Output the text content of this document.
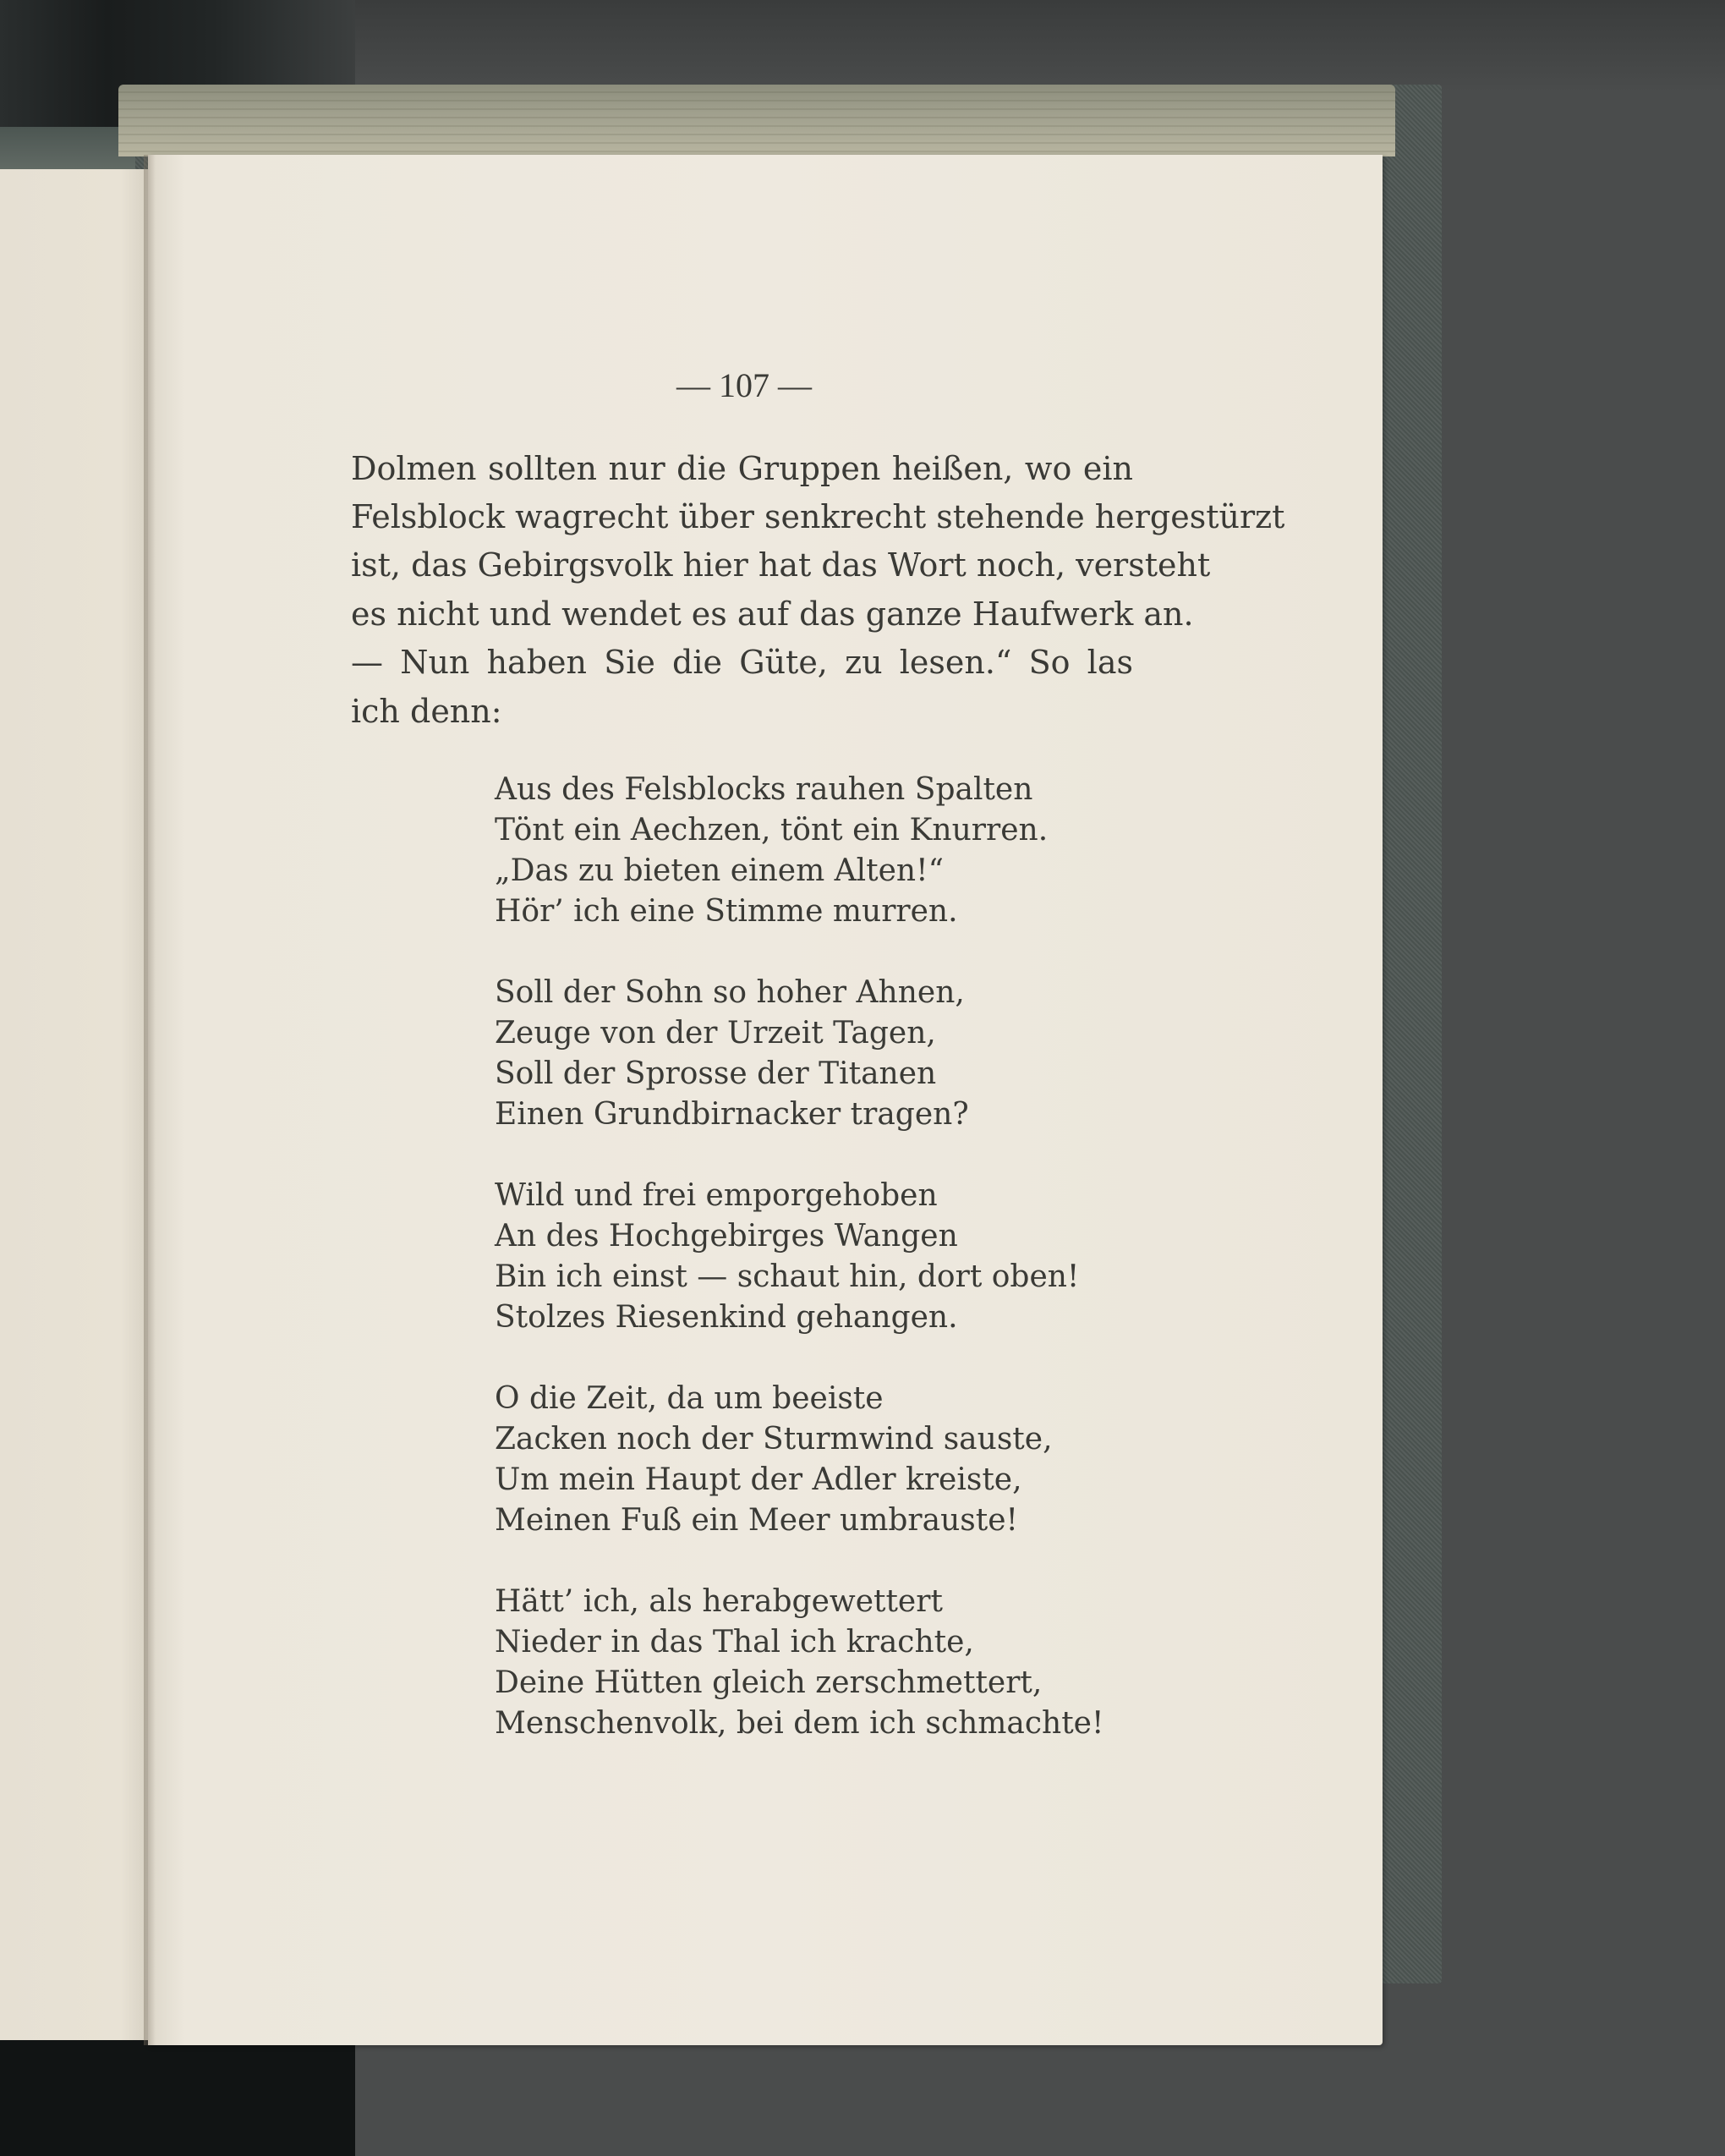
— 107 —
Dolmen sollten nur die Gruppen heißen, wo ein
Felsblock wagrecht über senkrecht stehende hergestürzt
ist, das Gebirgsvolk hier hat das Wort noch, versteht
es nicht und wendet es auf das ganze Haufwerk an.
— Nun haben Sie die Güte, zu lesen.“ So las
ich denn:
Aus des Felsblocks rauhen Spalten
Tönt ein Aechzen, tönt ein Knurren.
„Das zu bieten einem Alten!“
Hör’ ich eine Stimme murren.
Soll der Sohn so hoher Ahnen,
Zeuge von der Urzeit Tagen,
Soll der Sprosse der Titanen
Einen Grundbirnacker tragen?
Wild und frei emporgehoben
An des Hochgebirges Wangen
Bin ich einst — schaut hin, dort oben!
Stolzes Riesenkind gehangen.
O die Zeit, da um beeiste
Zacken noch der Sturmwind sauste,
Um mein Haupt der Adler kreiste,
Meinen Fuß ein Meer umbrauste!
Hätt’ ich, als herabgewettert
Nieder in das Thal ich krachte,
Deine Hütten gleich zerschmettert,
Menschenvolk, bei dem ich schmachte!
